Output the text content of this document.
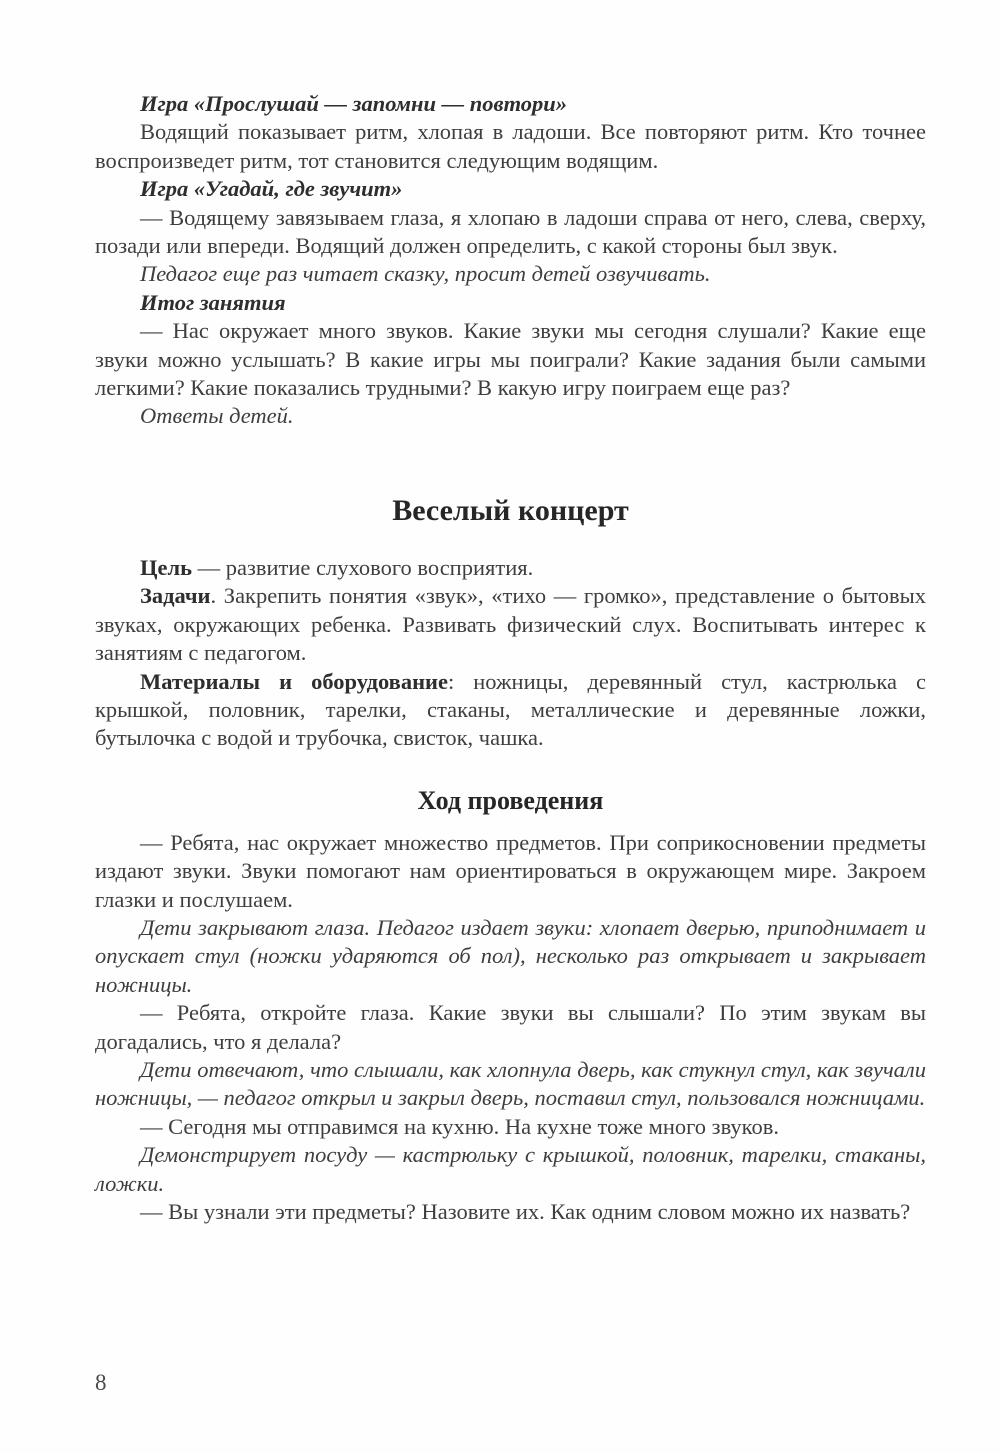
Игра «Прослушай — запомни — повтори»

Водящий показывает ритм, хлопая в ладоши. Все повторяют ритм. Кто точнее воспроизведет ритм, тот становится следующим водящим.

Игра «Угадай, где звучит»

— Водящему завязываем глаза, я хлопаю в ладоши справа от него, слева, сверху, позади или впереди. Водящий должен определить, с какой стороны был звук.

Педагог еще раз читает сказку, просит детей озвучивать.

Итог занятия

— Нас окружает много звуков. Какие звуки мы сегодня слушали? Какие еще звуки можно услышать? В какие игры мы поиграли? Какие задания были самыми легкими? Какие показались трудными? В какую игру поиграем еще раз?

Ответы детей.

Веселый концерт

Цель — развитие слухового восприятия.

Задачи. Закрепить понятия «звук», «тихо — громко», представление о бытовых звуках, окружающих ребенка. Развивать физический слух. Воспитывать интерес к занятиям с педагогом.

Материалы и оборудование: ножницы, деревянный стул, кастрюлька с крышкой, половник, тарелки, стаканы, металлические и деревянные ложки, бутылочка с водой и трубочка, свисток, чашка.

Ход проведения

— Ребята, нас окружает множество предметов. При соприкосновении предметы издают звуки. Звуки помогают нам ориентироваться в окружающем мире. Закроем глазки и послушаем.

Дети закрывают глаза. Педагог издает звуки: хлопает дверью, приподнимает и опускает стул (ножки ударяются об пол), несколько раз открывает и закрывает ножницы.

— Ребята, откройте глаза. Какие звуки вы слышали? По этим звукам вы догадались, что я делала?

Дети отвечают, что слышали, как хлопнула дверь, как стукнул стул, как звучали ножницы, — педагог открыл и закрыл дверь, поставил стул, пользовался ножницами.

— Сегодня мы отправимся на кухню. На кухне тоже много звуков.

Демонстрирует посуду — кастрюльку с крышкой, половник, тарелки, стаканы, ложки.

— Вы узнали эти предметы? Назовите их. Как одним словом можно их назвать?

8
